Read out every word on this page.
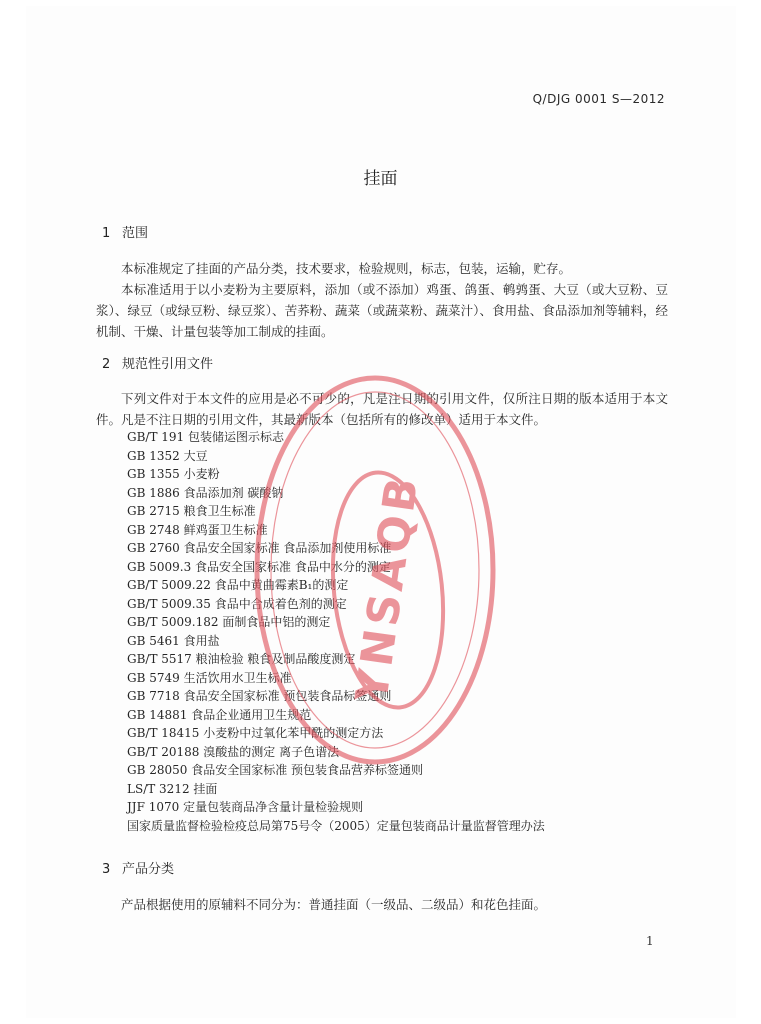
Q/DJG 0001 S—2012
挂面
1 范围

本标准规定了挂面的产品分类，技术要求，检验规则，标志，包装，运输，贮存。

本标准适用于以小麦粉为主要原料，添加（或不添加）鸡蛋、鸽蛋、鹌鹑蛋、大豆（或大豆粉、豆浆）、绿豆（或绿豆粉、绿豆浆）、苦荞粉、蔬菜（或蔬菜粉、蔬菜汁）、食用盐、食品添加剂等辅料，经机制、干燥、计量包装等加工制成的挂面。

2 规范性引用文件

下列文件对于本文件的应用是必不可少的，凡是注日期的引用文件，仅所注日期的版本适用于本文件。凡是不注日期的引用文件，其最新版本（包括所有的修改单）适用于本文件。

GB/T 191 包装储运图示标志
GB 1352 大豆
GB 1355 小麦粉
GB 1886 食品添加剂 碳酸钠
GB 2715 粮食卫生标准
GB 2748 鲜鸡蛋卫生标准
GB 2760 食品安全国家标准 食品添加剂使用标准
GB 5009.3 食品安全国家标准 食品中水分的测定
GB/T 5009.22 食品中黄曲霉素B₁的测定
GB/T 5009.35 食品中合成着色剂的测定
GB/T 5009.182 面制食品中铝的测定
GB 5461 食用盐
GB/T 5517 粮油检验 粮食及制品酸度测定
GB 5749 生活饮用水卫生标准
GB 7718 食品安全国家标准 预包装食品标签通则
GB 14881 食品企业通用卫生规范
GB/T 18415 小麦粉中过氧化苯甲酰的测定方法
GB/T 20188 溴酸盐的测定 离子色谱法
GB 28050 食品安全国家标准 预包装食品营养标签通则
LS/T 3212 挂面
JJF 1070 定量包装商品净含量计量检验规则
国家质量监督检验检疫总局第75号令（2005）定量包装商品计量监督管理办法
3 产品分类

产品根据使用的原辅料不同分为：普通挂面（一级品、二级品）和花色挂面。

YNSAQB
1
